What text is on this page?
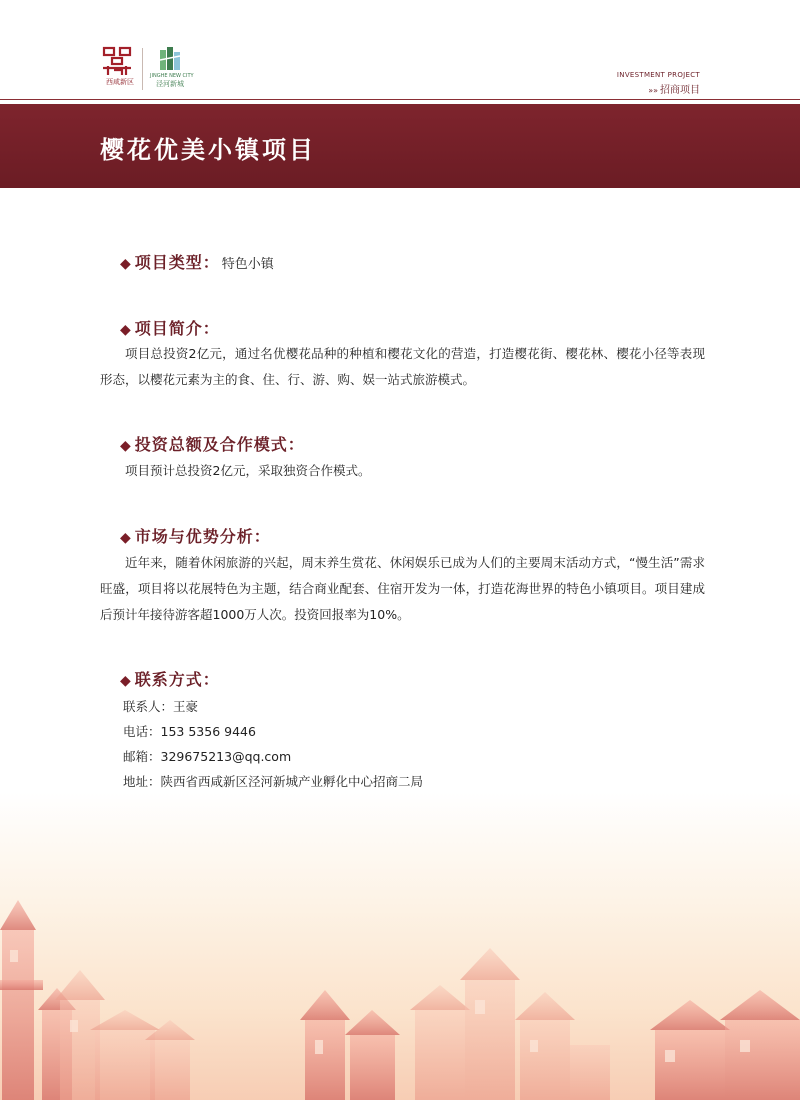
西咸新区
JINGHE NEW CITY
泾河新城
INVESTMENT PROJECT
»» 招商项目
樱花优美小镇项目
◆ 项目类型： 特色小镇
◆ 项目简介：
项目总投资2亿元，通过名优樱花品种的种植和樱花文化的营造，打造樱花街、樱花林、樱花小径等表现形态，以樱花元素为主的食、住、行、游、购、娱一站式旅游模式。
◆ 投资总额及合作模式：
项目预计总投资2亿元，采取独资合作模式。
◆ 市场与优势分析：
近年来，随着休闲旅游的兴起，周末养生赏花、休闲娱乐已成为人们的主要周末活动方式，“慢生活”需求旺盛，项目将以花展特色为主题，结合商业配套、住宿开发为一体，打造花海世界的特色小镇项目。项目建成后预计年接待游客超1000万人次。投资回报率为10%。
◆ 联系方式：
联系人：王豪
电话：153 5356 9446
邮箱：329675213@qq.com
地址：陕西省西咸新区泾河新城产业孵化中心招商二局
